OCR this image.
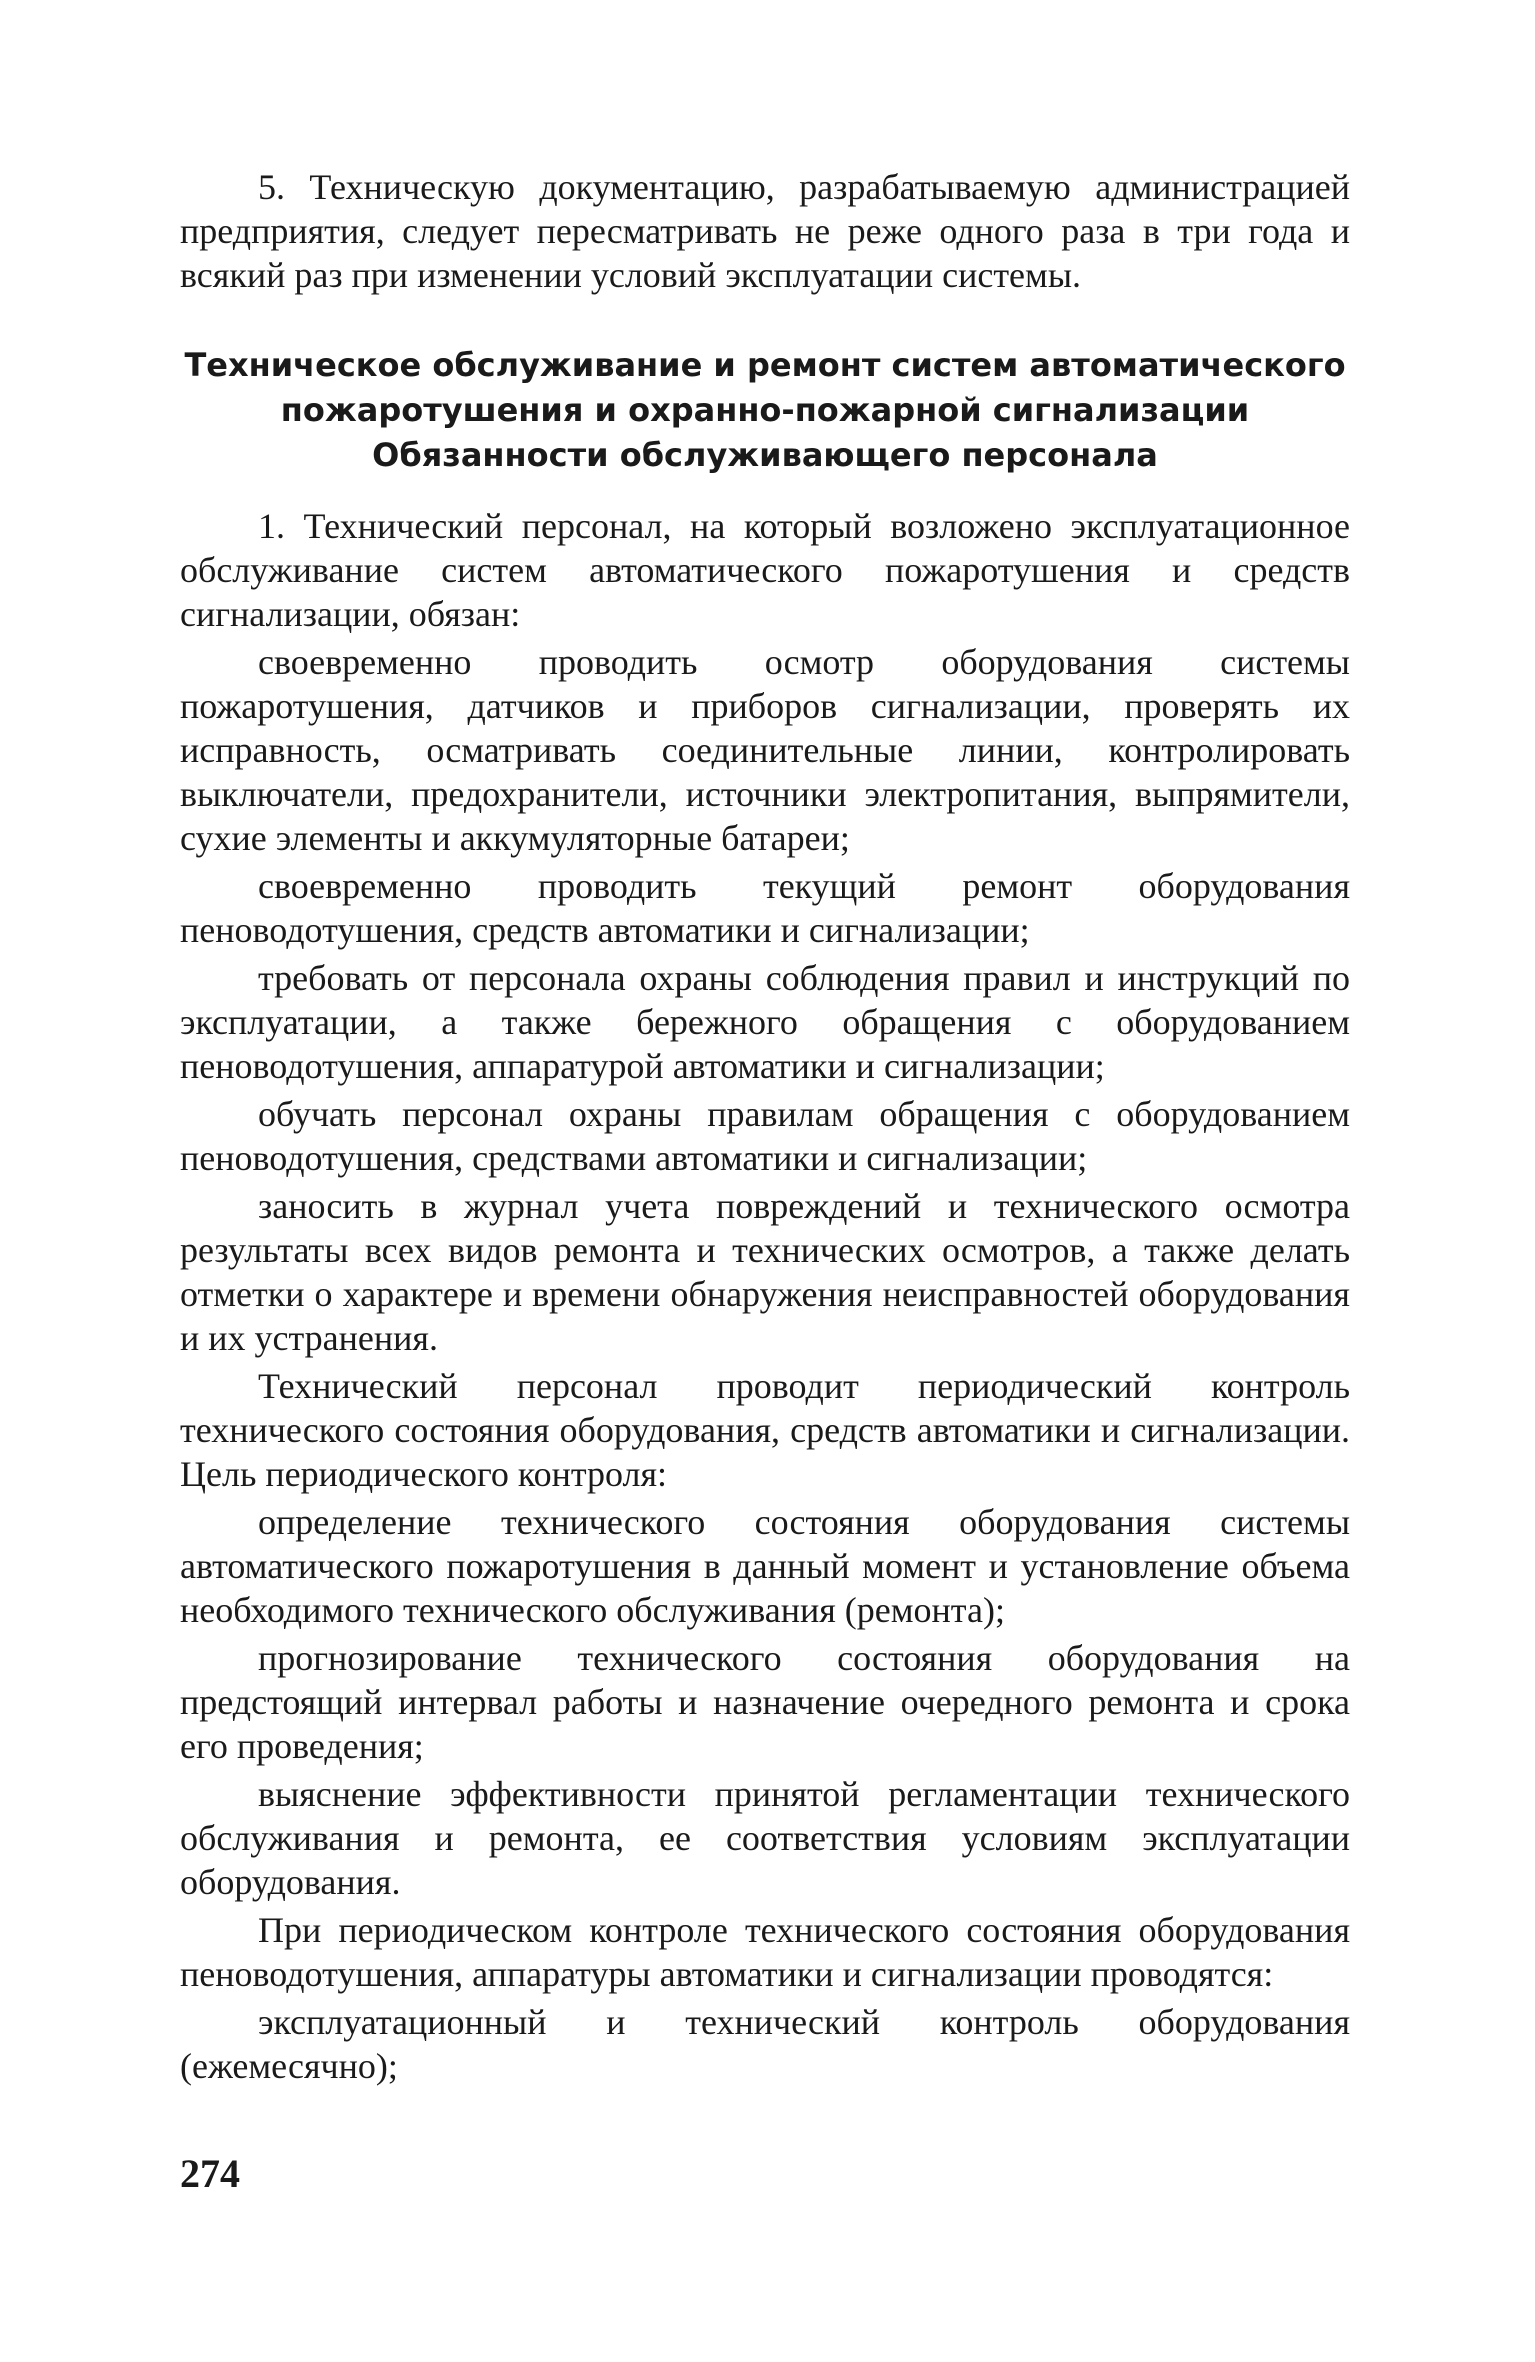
5. Техническую документацию, разрабатываемую администрацией предприятия, следует пересматривать не реже одного раза в три года и всякий раз при изменении условий эксплуатации системы.

Техническое обслуживание и ремонт систем автоматического
пожаротушения и охранно-пожарной сигнализации
Обязанности обслуживающего персонала

1. Технический персонал, на который возложено эксплуатационное обслуживание систем автоматического пожаротушения и средств сигнализации, обязан:

своевременно проводить осмотр оборудования системы пожаротушения, датчиков и приборов сигнализации, проверять их исправность, осматривать соединительные линии, контролировать выключатели, предохранители, источники электропитания, выпрямители, сухие элементы и аккумуляторные батареи;

своевременно проводить текущий ремонт оборудования пеноводотушения, средств автоматики и сигнализации;

требовать от персонала охраны соблюдения правил и инструкций по эксплуатации, а также бережного обращения с оборудованием пеноводотушения, аппаратурой автоматики и сигнализации;

обучать персонал охраны правилам обращения с оборудованием пеноводотушения, средствами автоматики и сигнализации;

заносить в журнал учета повреждений и технического осмотра результаты всех видов ремонта и технических осмотров, а также делать отметки о характере и времени обнаружения неисправностей оборудования и их устранения.

Технический персонал проводит периодический контроль технического состояния оборудования, средств автоматики и сигнализации. Цель периодического контроля:

определение технического состояния оборудования системы автоматического пожаротушения в данный момент и установление объема необходимого технического обслуживания (ремонта);

прогнозирование технического состояния оборудования на предстоящий интервал работы и назначение очередного ремонта и срока его проведения;

выяснение эффективности принятой регламентации технического обслуживания и ремонта, ее соответствия условиям эксплуатации оборудования.

При периодическом контроле технического состояния оборудования пеноводотушения, аппаратуры автоматики и сигнализации проводятся:

эксплуатационный и технический контроль оборудования (ежемесячно);

274
